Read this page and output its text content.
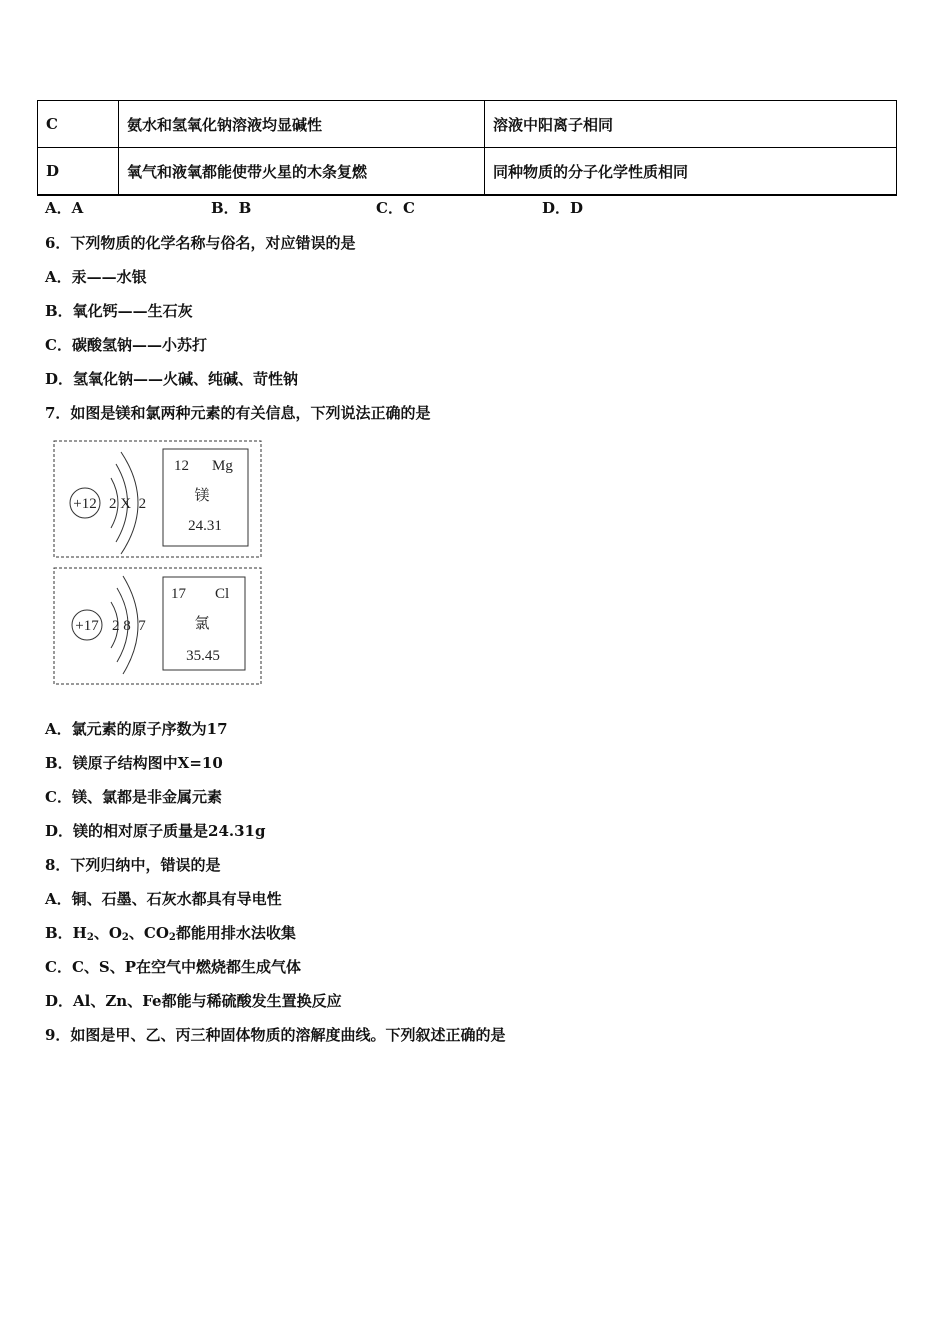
C	氨水和氢氧化钠溶液均显碱性	溶液中阳离子相同
D	氧气和液氧都能使带火星的木条复燃	同种物质的分子化学性质相同
A．A	B．B	C．C	D．D
6．下列物质的化学名称与俗名，对应错误的是
A．汞——水银
B．氧化钙——生石灰
C．碳酸氢钠——小苏打
D．氢氧化钠——火碱、纯碱、苛性钠
7．如图是镁和氯两种元素的有关信息，下列说法正确的是
+12 2 X  2
12 Mg
镁
24.31
+17 2 8  7
17 Cl
氯
35.45
A．氯元素的原子序数为17
B．镁原子结构图中X=10
C．镁、氯都是非金属元素
D．镁的相对原子质量是24.31g
8．下列归纳中，错误的是
A．铜、石墨、石灰水都具有导电性
B．$H_2$、$O_2$、$CO_2$都能用排水法收集
C．C、S、P在空气中燃烧都生成气体
D．Al、Zn、Fe都能与稀硫酸发生置换反应
9．如图是甲、乙、丙三种固体物质的溶解度曲线。下列叙述正确的是
